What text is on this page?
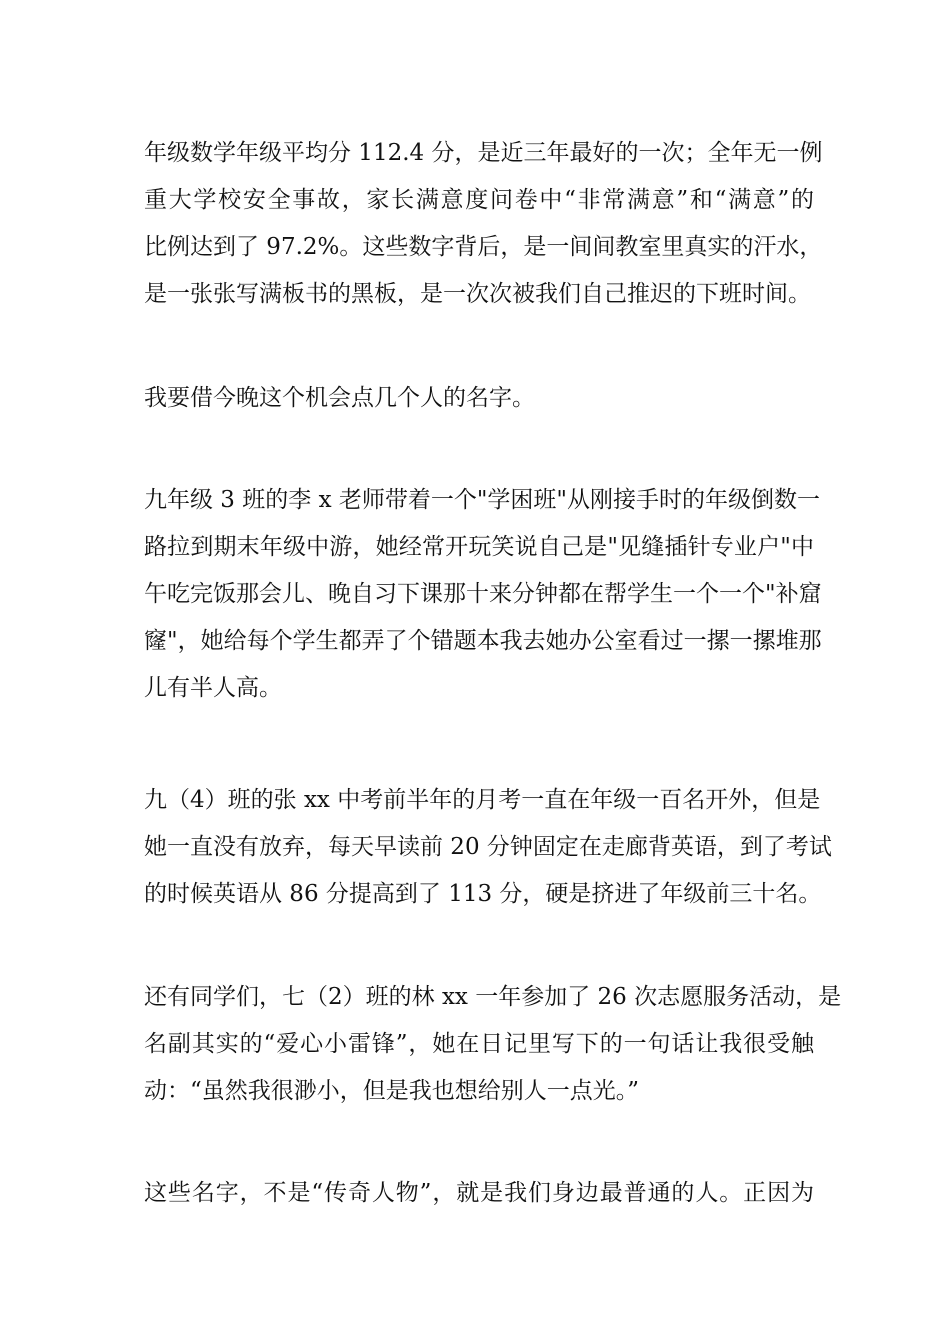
年级数学年级平均分 112.4 分，是近三年最好的一次；全年无一例
重大学校安全事故，家长满意度问卷中“非常满意”和“满意”的
比例达到了 97.2%。这些数字背后，是一间间教室里真实的汗水，
是一张张写满板书的黑板，是一次次被我们自己推迟的下班时间。
我要借今晚这个机会点几个人的名字。
九年级 3 班的李 x 老师带着一个"学困班"从刚接手时的年级倒数一
路拉到期末年级中游，她经常开玩笑说自己是"见缝插针专业户"中
午吃完饭那会儿、晚自习下课那十来分钟都在帮学生一个一个"补窟
窿"，她给每个学生都弄了个错题本我去她办公室看过一摞一摞堆那
儿有半人高。
九（4）班的张 xx 中考前半年的月考一直在年级一百名开外，但是
她一直没有放弃，每天早读前 20 分钟固定在走廊背英语，到了考试
的时候英语从 86 分提高到了 113 分，硬是挤进了年级前三十名。
还有同学们，七（2）班的林 xx 一年参加了 26 次志愿服务活动，是
名副其实的“爱心小雷锋”，她在日记里写下的一句话让我很受触
动：“虽然我很渺小，但是我也想给别人一点光。”
这些名字，不是“传奇人物”，就是我们身边最普通的人。正因为
